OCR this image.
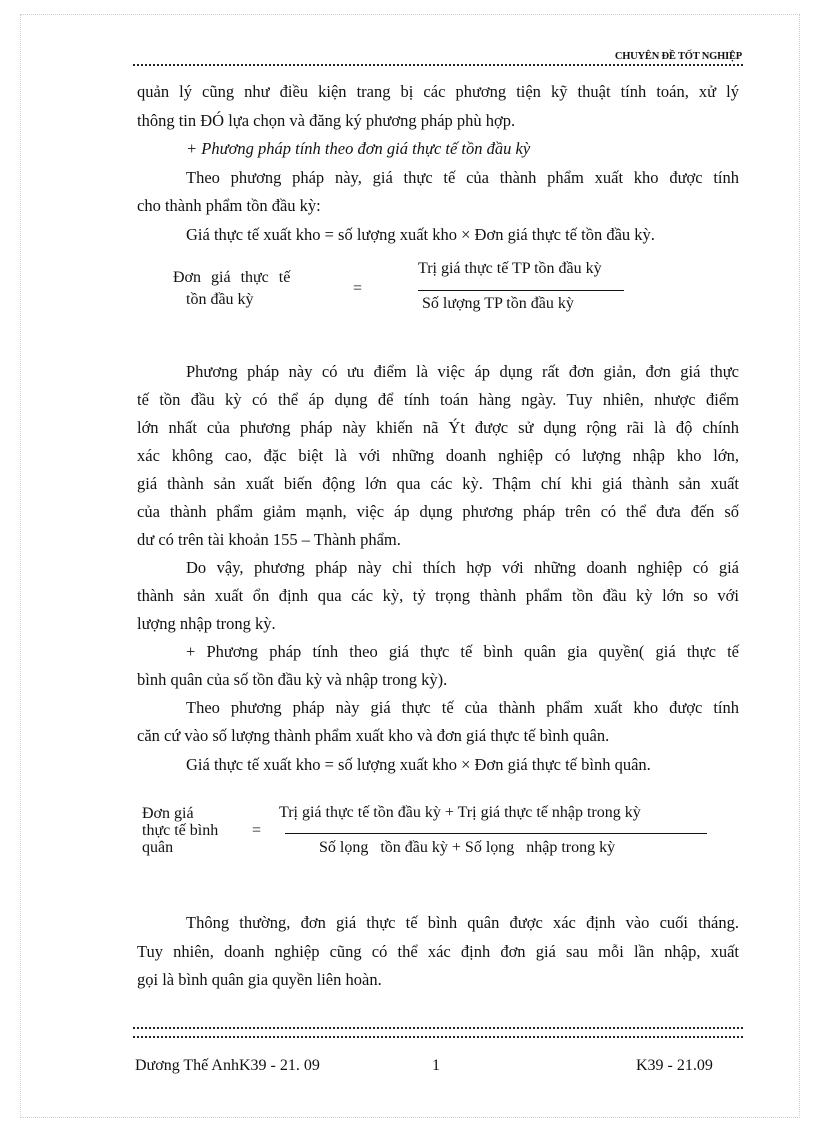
CHUYÊN ĐỀ TỐT NGHIỆP
quản lý cũng như điều kiện trang bị các phương tiện kỹ thuật tính toán, xử lý
thông tin ĐÓ lựa chọn và đăng ký phương pháp phù hợp.
+ Phương pháp tính theo đơn giá thực tế tồn đầu kỳ
Theo phương pháp này, giá thực tế của thành phẩm xuất kho được tính
cho thành phẩm tồn đầu kỳ:
Giá thực tế xuất kho = số lượng xuất kho × Đơn giá thực tế tồn đầu kỳ.
Đơn giá thực tế
tồn đầu kỳ
=
Trị giá thực tế TP tồn đầu kỳ
Số lượng TP tồn đầu kỳ
Phương pháp này có ưu điểm là việc áp dụng rất đơn giản, đơn giá thực
tế tồn đầu kỳ có thể áp dụng để tính toán hàng ngày. Tuy nhiên, nhược điểm
lớn nhất của phương pháp này khiến nã Ýt được sử dụng rộng rãi là độ chính
xác không cao, đặc biệt là với những doanh nghiệp có lượng nhập kho lớn,
giá thành sản xuất biến động lớn qua các kỳ. Thậm chí khi giá thành sản xuất
của thành phẩm giảm mạnh, việc áp dụng phương pháp trên có thể đưa đến số
dư có trên tài khoản 155 – Thành phẩm.
Do vậy, phương pháp này chỉ thích hợp với những doanh nghiệp có giá
thành sản xuất ổn định qua các kỳ, tỷ trọng thành phẩm tồn đầu kỳ lớn so với
lượng nhập trong kỳ.
+ Phương pháp tính theo giá thực tế bình quân gia quyền( giá thực tế
bình quân của số tồn đầu kỳ và nhập trong kỳ).
Theo phương pháp này giá thực tế của thành phẩm xuất kho được tính
căn cứ vào số lượng thành phẩm xuất kho và đơn giá thực tế bình quân.
Giá thực tế xuất kho = số lượng xuất kho × Đơn giá thực tế bình quân.
Đơn giá
thực tế bình
quân
=
Trị giá thực tế tồn đầu kỳ + Trị giá thực tế nhập trong kỳ
Số lọng   tồn đầu kỳ + Số lọng   nhập trong kỳ
Thông thường, đơn giá thực tế bình quân được xác định vào cuối tháng.
Tuy nhiên, doanh nghiệp cũng có thể xác định đơn giá sau mỗi lần nhập, xuất
gọi là bình quân gia quyền liên hoàn.
Dương Thế AnhK39 - 21. 09	1	K39 - 21.09
